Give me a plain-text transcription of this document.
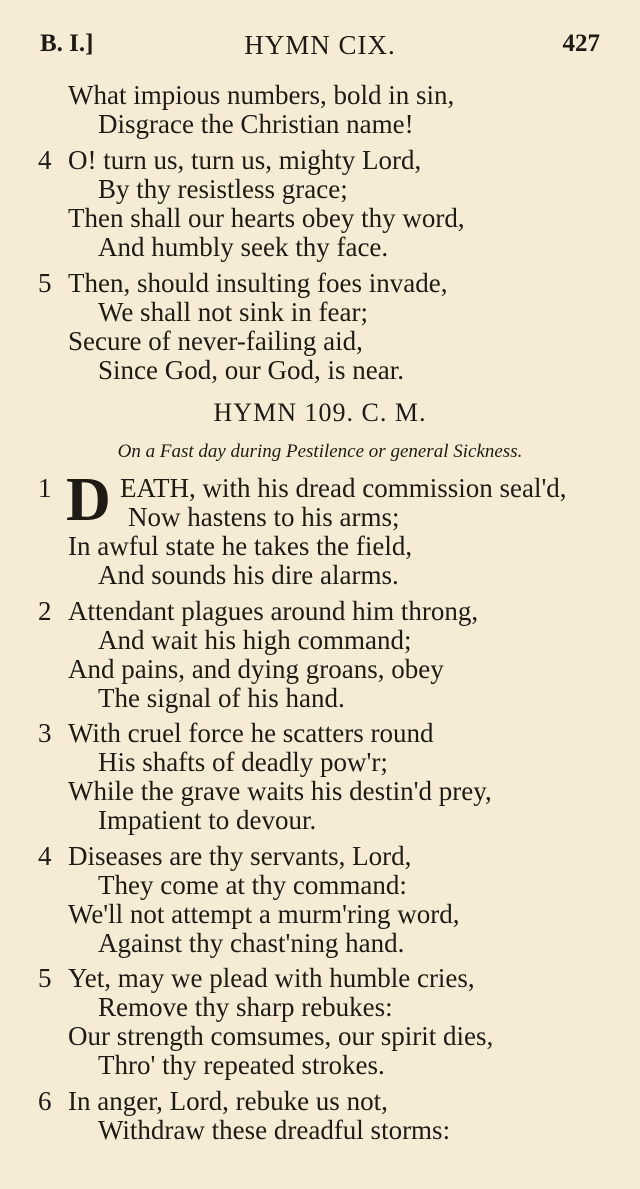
B. I.]	HYMN CIX.	427
What impious numbers, bold in sin,
Disgrace the Christian name!
4 O! turn us, turn us, mighty Lord,
By thy resistless grace;
Then shall our hearts obey thy word,
And humbly seek thy face.
5 Then, should insulting foes invade,
We shall not sink in fear;
Secure of never-failing aid,
Since God, our God, is near.
HYMN 109. C. M.
On a Fast day during Pestilence or general Sickness.
1 D EATH, with his dread commission seal'd,
Now hastens to his arms;
In awful state he takes the field,
And sounds his dire alarms.
2 Attendant plagues around him throng,
And wait his high command;
And pains, and dying groans, obey
The signal of his hand.
3 With cruel force he scatters round
His shafts of deadly pow'r;
While the grave waits his destin'd prey,
Impatient to devour.
4 Diseases are thy servants, Lord,
They come at thy command:
We'll not attempt a murm'ring word,
Against thy chast'ning hand.
5 Yet, may we plead with humble cries,
Remove thy sharp rebukes:
Our strength comsumes, our spirit dies,
Thro' thy repeated strokes.
6 In anger, Lord, rebuke us not,
Withdraw these dreadful storms:
